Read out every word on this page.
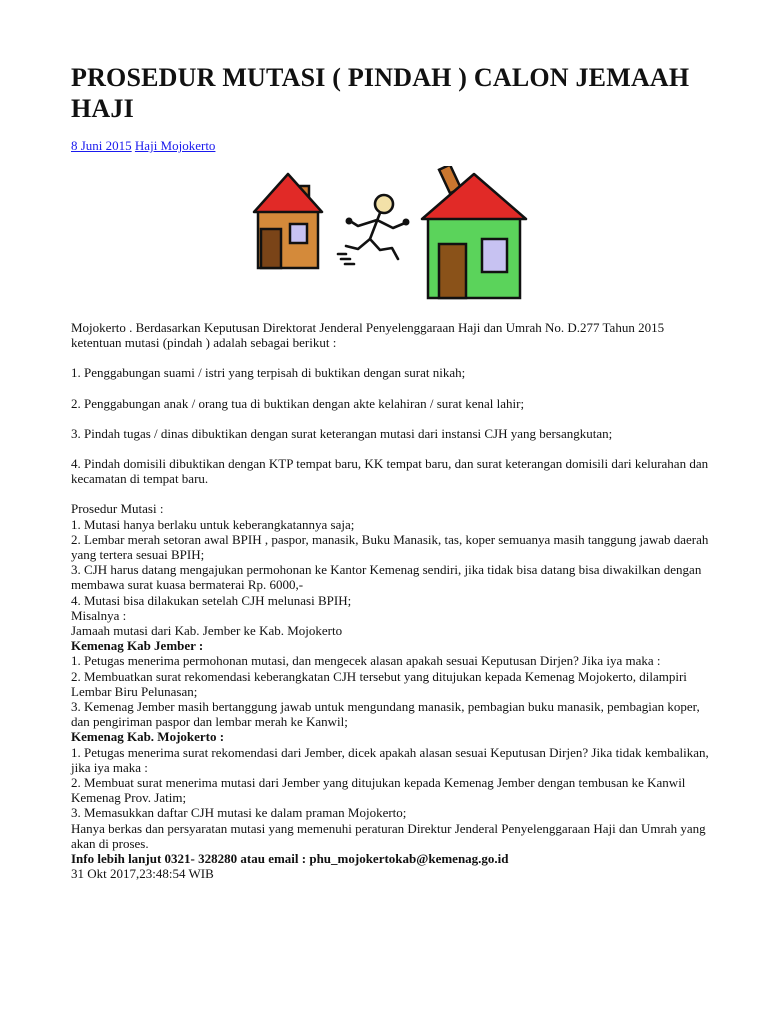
PROSEDUR MUTASI ( PINDAH ) CALON JEMAAH HAJI
8 Juni 2015 Haji Mojokerto

Mojokerto . Berdasarkan Keputusan Direktorat Jenderal Penyelenggaraan Haji dan Umrah No. D.277 Tahun 2015 ketentuan mutasi (pindah ) adalah sebagai berikut :

1. Penggabungan suami / istri yang terpisah di buktikan dengan surat nikah;

2. Penggabungan anak / orang tua di buktikan dengan akte kelahiran / surat kenal lahir;

3. Pindah tugas / dinas dibuktikan dengan surat keterangan mutasi dari instansi CJH yang bersangkutan;

4. Pindah domisili dibuktikan dengan KTP tempat baru, KK tempat baru, dan surat keterangan domisili dari kelurahan dan kecamatan di tempat baru.

Prosedur Mutasi :

1. Mutasi hanya berlaku untuk keberangkatannya saja;

2. Lembar merah setoran awal BPIH , paspor, manasik, Buku Manasik, tas, koper semuanya masih tanggung jawab daerah yang tertera sesuai BPIH;

3. CJH harus datang mengajukan permohonan ke Kantor Kemenag sendiri, jika tidak bisa datang bisa diwakilkan dengan membawa surat kuasa bermaterai Rp. 6000,-

4. Mutasi bisa dilakukan setelah CJH melunasi BPIH;

Misalnya :

Jamaah mutasi dari Kab. Jember ke Kab. Mojokerto

Kemenag Kab Jember :

1. Petugas menerima permohonan mutasi, dan mengecek alasan apakah sesuai Keputusan Dirjen? Jika iya maka :

2. Membuatkan surat rekomendasi keberangkatan CJH tersebut yang ditujukan kepada Kemenag Mojokerto, dilampiri Lembar Biru Pelunasan;

3. Kemenag Jember masih bertanggung jawab untuk mengundang manasik, pembagian buku manasik, pembagian koper, dan pengiriman paspor dan lembar merah ke Kanwil;

Kemenag Kab. Mojokerto :

1. Petugas menerima surat rekomendasi dari Jember, dicek apakah alasan sesuai Keputusan Dirjen? Jika tidak kembalikan, jika iya maka :

2. Membuat surat menerima mutasi dari Jember yang ditujukan kepada Kemenag Jember dengan tembusan ke Kanwil Kemenag Prov. Jatim;

3. Memasukkan daftar CJH mutasi ke dalam praman Mojokerto;

Hanya berkas dan persyaratan mutasi yang memenuhi peraturan Direktur Jenderal Penyelenggaraan Haji dan Umrah yang akan di proses.

Info lebih lanjut 0321- 328280 atau email : phu_mojokertokab@kemenag.go.id

31 Okt 2017,23:48:54 WIB
